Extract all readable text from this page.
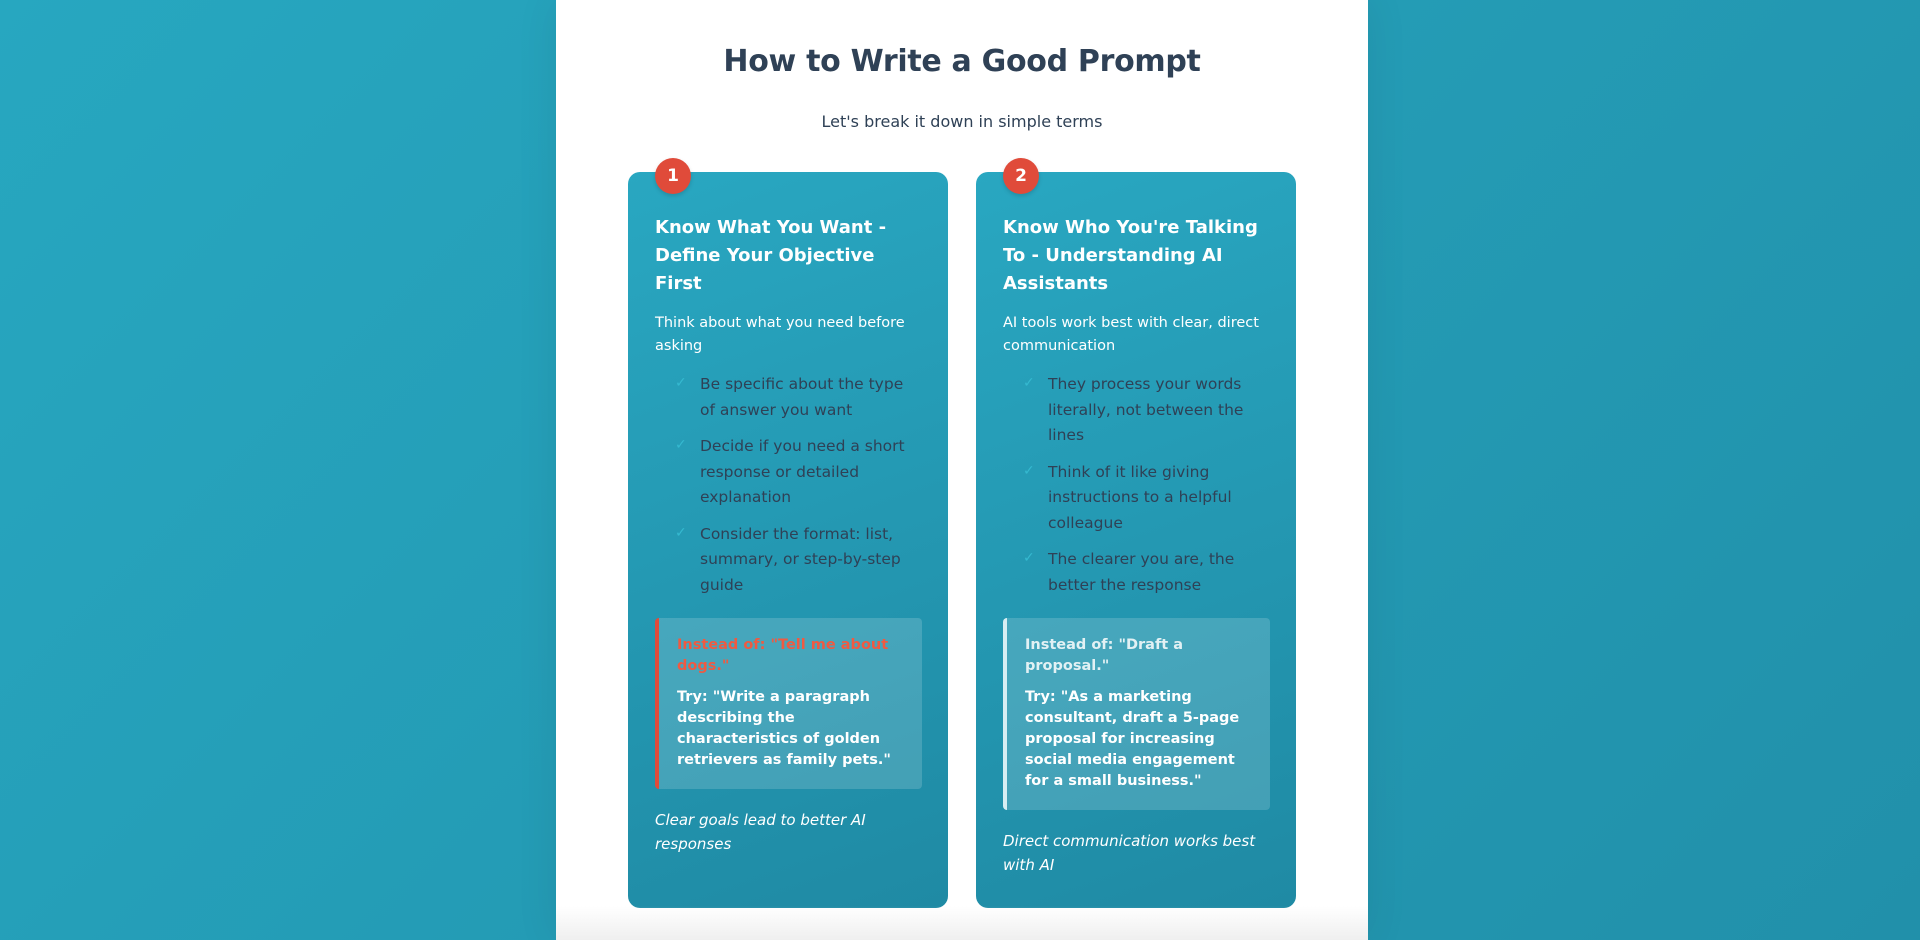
How to Write a Good Prompt

Let's break it down in simple terms

1
Know What You Want - Define Your Objective First

Think about what you need before asking

✓ Be specific about the type of answer you want
✓ Decide if you need a short response or detailed explanation
✓ Consider the format: list, summary, or step-by-step guide

Instead of: "Tell me about dogs."

Try: "Write a paragraph describing the characteristics of golden retrievers as family pets."

Clear goals lead to better AI responses

2
Know Who You're Talking To - Understanding AI Assistants

AI tools work best with clear, direct communication

✓ They process your words literally, not between the lines
✓ Think of it like giving instructions to a helpful colleague
✓ The clearer you are, the better the response

Instead of: "Draft a proposal."

Try: "As a marketing consultant, draft a 5-page proposal for increasing social media engagement for a small business."

Direct communication works best with AI
